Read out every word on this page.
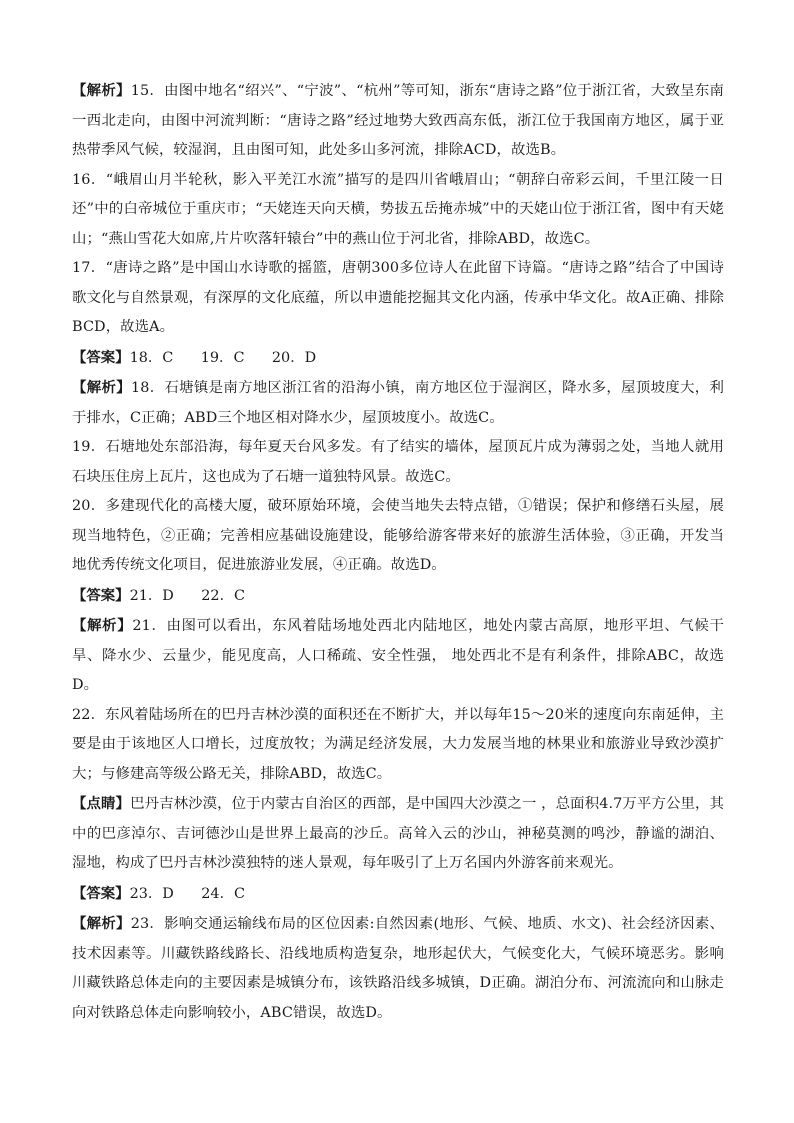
【解析】15．由图中地名“绍兴”、“宁波”、“杭州”等可知，浙东“唐诗之路”位于浙江省，大致呈东南一西北走向，由图中河流判断：“唐诗之路”经过地势大致西高东低，浙江位于我国南方地区，属于亚热带季风气候，较湿润，且由图可知，此处多山多河流，排除ACD，故选B。

16．“峨眉山月半轮秋，影入平羌江水流”描写的是四川省峨眉山；“朝辞白帝彩云间，千里江陵一日还”中的白帝城位于重庆市；“天姥连天向天横，势拔五岳掩赤城”中的天姥山位于浙江省，图中有天姥山；“燕山雪花大如席,片片吹落轩辕台”中的燕山位于河北省，排除ABD，故选C。

17．“唐诗之路”是中国山水诗歌的摇篮，唐朝300多位诗人在此留下诗篇。“唐诗之路”结合了中国诗歌文化与自然景观，有深厚的文化底蕴，所以申遗能挖掘其文化内涵，传承中华文化。故A正确、排除BCD，故选A。

【答案】18．C      19．C      20．D

【解析】18．石塘镇是南方地区浙江省的沿海小镇，南方地区位于湿润区，降水多，屋顶坡度大，利于排水，C正确；ABD三个地区相对降水少，屋顶坡度小。故选C。

19．石塘地处东部沿海，每年夏天台风多发。有了结实的墙体，屋顶瓦片成为薄弱之处，当地人就用石块压住房上瓦片，这也成为了石塘一道独特风景。故选C。

20．多建现代化的高楼大厦，破环原始环境，会使当地失去特点错，①错误；保护和修缮石头屋，展现当地特色，②正确；完善相应基础设施建设，能够给游客带来好的旅游生活体验，③正确，开发当地优秀传统文化项目，促进旅游业发展，④正确。故选D。

【答案】21．D      22．C

【解析】21．由图可以看出，东风着陆场地处西北内陆地区，地处内蒙古高原，地形平坦、气候干旱、降水少、云量少，能见度高，人口稀疏、安全性强， 地处西北不是有利条件，排除ABC，故选D。

22．东风着陆场所在的巴丹吉林沙漠的面积还在不断扩大，并以每年15～20米的速度向东南延伸，主要是由于该地区人口增长，过度放牧；为满足经济发展，大力发展当地的林果业和旅游业导致沙漠扩大；与修建高等级公路无关，排除ABD，故选C。

【点睛】巴丹吉林沙漠，位于内蒙古自治区的西部，是中国四大沙漠之一 ，总面积4.7万平方公里，其中的巴彦淖尔、吉诃德沙山是世界上最高的沙丘。高耸入云的沙山，神秘莫测的鸣沙，静谧的湖泊、湿地，构成了巴丹吉林沙漠独特的迷人景观，每年吸引了上万名国内外游客前来观光。

【答案】23．D      24．C

【解析】23．影响交通运输线布局的区位因素:自然因素(地形、气候、地质、水文)、社会经济因素、技术因素等。川藏铁路线路长、沿线地质构造复杂，地形起伏大，气候变化大，气候环境恶劣。影响川藏铁路总体走向的主要因素是城镇分布，该铁路沿线多城镇，D正确。湖泊分布、河流流向和山脉走向对铁路总体走向影响较小，ABC错误，故选D。
